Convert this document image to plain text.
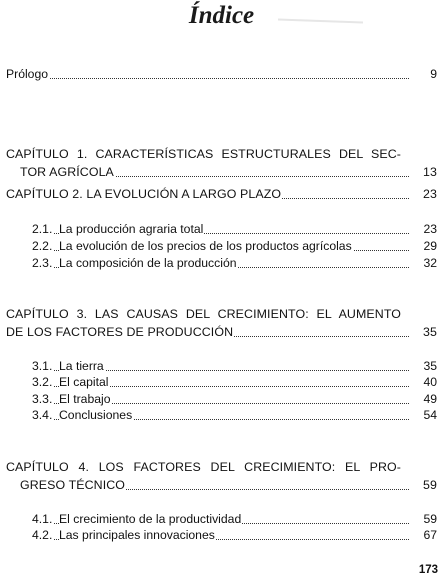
Índice
Prólogo	9
CAPÍTULO 1. CARACTERÍSTICAS ESTRUCTURALES DEL SEC-
TOR AGRÍCOLA	13
CAPÍTULO 2. LA EVOLUCIÓN A LARGO PLAZO	23
2.1. La producción agraria total	23
2.2. La evolución de los precios de los productos agrícolas	29
2.3. La composición de la producción	32
CAPÍTULO 3. LAS CAUSAS DEL CRECIMIENTO: EL AUMENTO
DE LOS FACTORES DE PRODUCCIÓN	35
3.1. La tierra	35
3.2. El capital	40
3.3. El trabajo	49
3.4. Conclusiones	54
CAPÍTULO 4. LOS FACTORES DEL CRECIMIENTO: EL PRO-
GRESO TÉCNICO	59
4.1. El crecimiento de la productividad	59
4.2. Las principales innovaciones	67
173
